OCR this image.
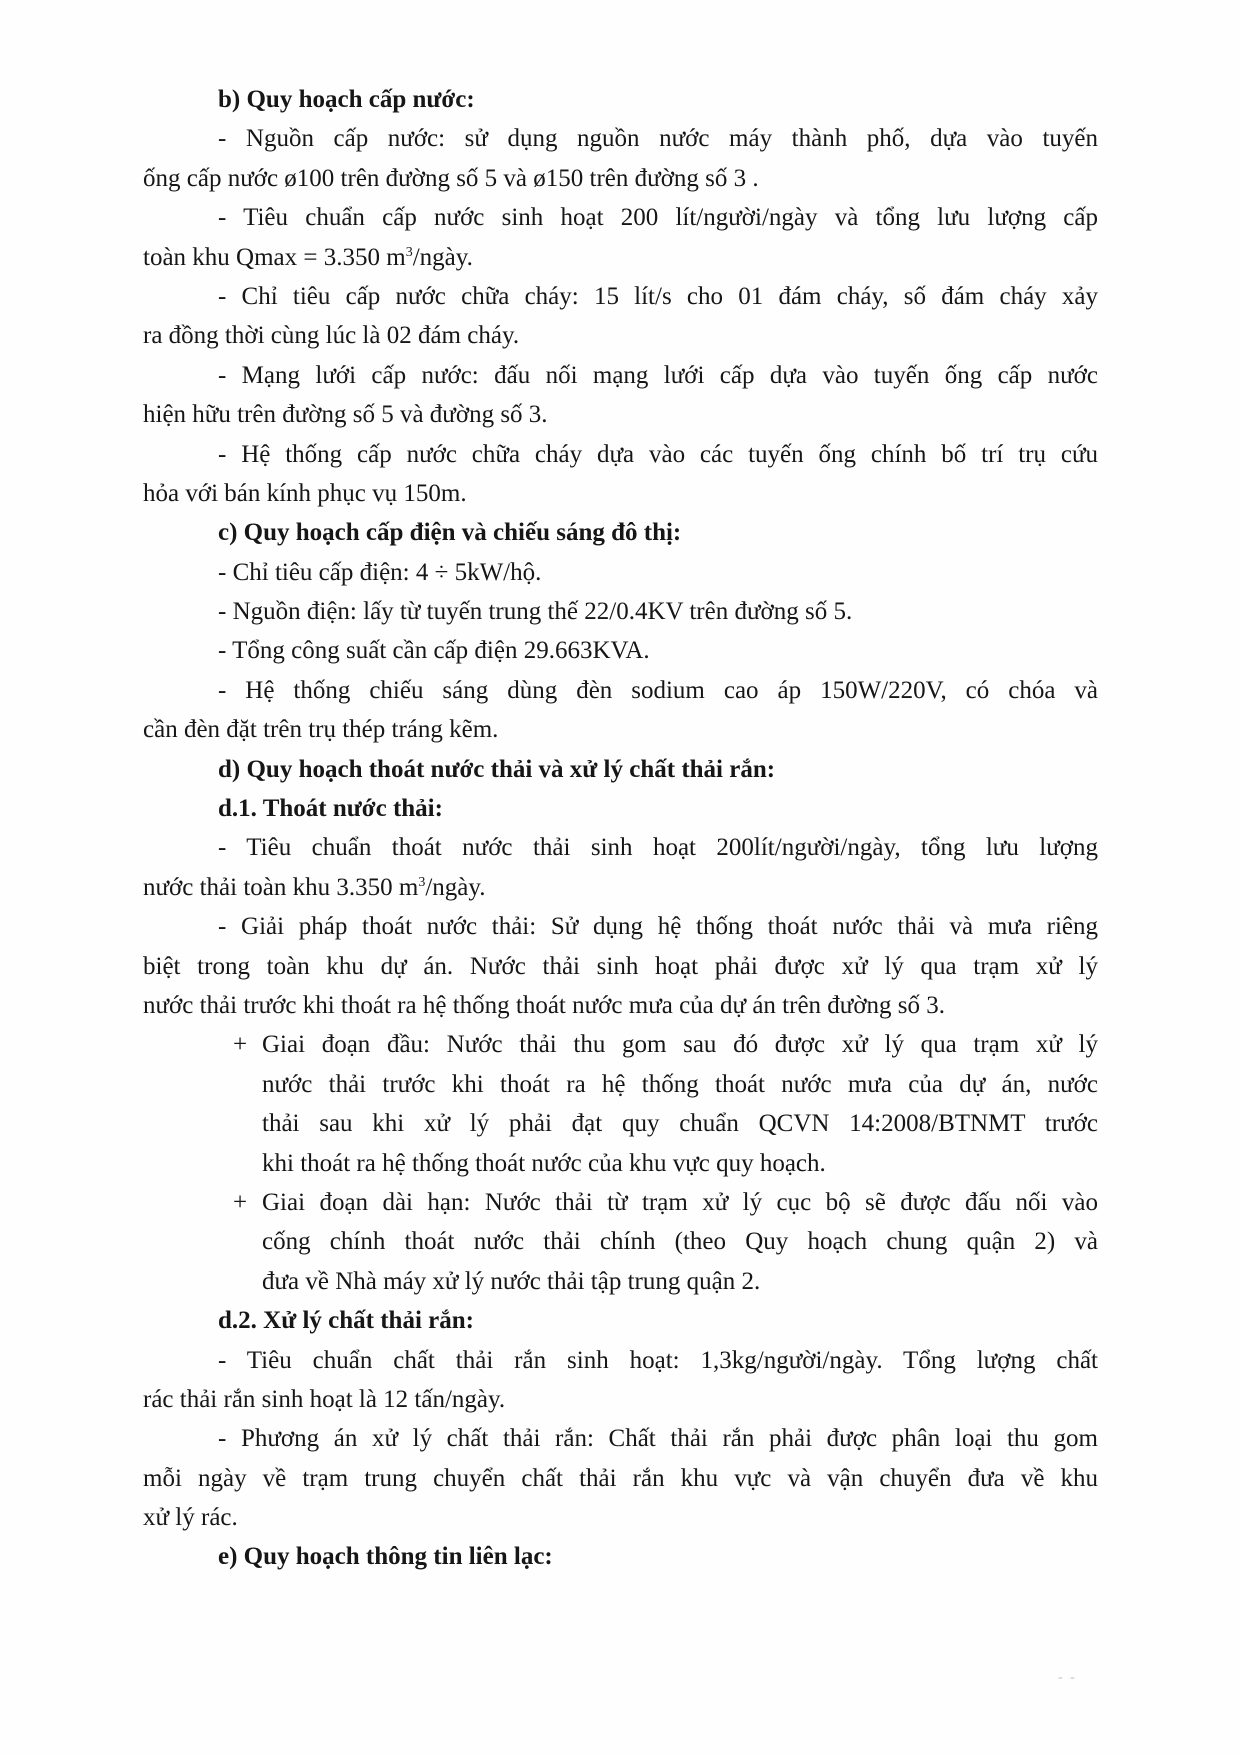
b) Quy hoạch cấp nước:
- Nguồn cấp nước: sử dụng nguồn nước máy thành phố, dựa vào tuyến
ống cấp nước ø100 trên đường số 5 và ø150 trên đường số 3 .
- Tiêu chuẩn cấp nước sinh hoạt 200 lít/người/ngày và tổng lưu lượng cấp
toàn khu Qmax = 3.350 $m^3$/ngày.
- Chỉ tiêu cấp nước chữa cháy: 15 lít/s cho 01 đám cháy, số đám cháy xảy
ra đồng thời cùng lúc là 02 đám cháy.
- Mạng lưới cấp nước: đấu nối mạng lưới cấp dựa vào tuyến ống cấp nước
hiện hữu trên đường số 5 và đường số 3.
- Hệ thống cấp nước chữa cháy dựa vào các tuyến ống chính bố trí trụ cứu
hỏa với bán kính phục vụ 150m.
c) Quy hoạch cấp điện và chiếu sáng đô thị:
- Chỉ tiêu cấp điện: 4 ÷ 5kW/hộ.
- Nguồn điện: lấy từ tuyến trung thế 22/0.4KV trên đường số 5.
- Tổng công suất cần cấp điện 29.663KVA.
- Hệ thống chiếu sáng dùng đèn sodium cao áp 150W/220V, có chóa và
cần đèn đặt trên trụ thép tráng kẽm.
d) Quy hoạch thoát nước thải và xử lý chất thải rắn:
d.1. Thoát nước thải:
- Tiêu chuẩn thoát nước thải sinh hoạt 200lít/người/ngày, tổng lưu lượng
nước thải toàn khu 3.350 $m^3$/ngày.
- Giải pháp thoát nước thải: Sử dụng hệ thống thoát nước thải và mưa riêng
biệt trong toàn khu dự án. Nước thải sinh hoạt phải được xử lý qua trạm xử lý
nước thải trước khi thoát ra hệ thống thoát nước mưa của dự án trên đường số 3.
+ Giai đoạn đầu: Nước thải thu gom sau đó được xử lý qua trạm xử lý
nước thải trước khi thoát ra hệ thống thoát nước mưa của dự án, nước
thải sau khi xử lý phải đạt quy chuẩn QCVN 14:2008/BTNMT trước
khi thoát ra hệ thống thoát nước của khu vực quy hoạch.
+ Giai đoạn dài hạn: Nước thải từ trạm xử lý cục bộ sẽ được đấu nối vào
cống chính thoát nước thải chính (theo Quy hoạch chung quận 2) và
đưa về Nhà máy xử lý nước thải tập trung quận 2.
d.2. Xử lý chất thải rắn:
- Tiêu chuẩn chất thải rắn sinh hoạt: 1,3kg/người/ngày. Tổng lượng chất
rác thải rắn sinh hoạt là 12 tấn/ngày.
- Phương án xử lý chất thải rắn: Chất thải rắn phải được phân loại thu gom
mỗi ngày về trạm trung chuyển chất thải rắn khu vực và vận chuyển đưa về khu
xử lý rác.
e) Quy hoạch thông tin liên lạc:
- -
